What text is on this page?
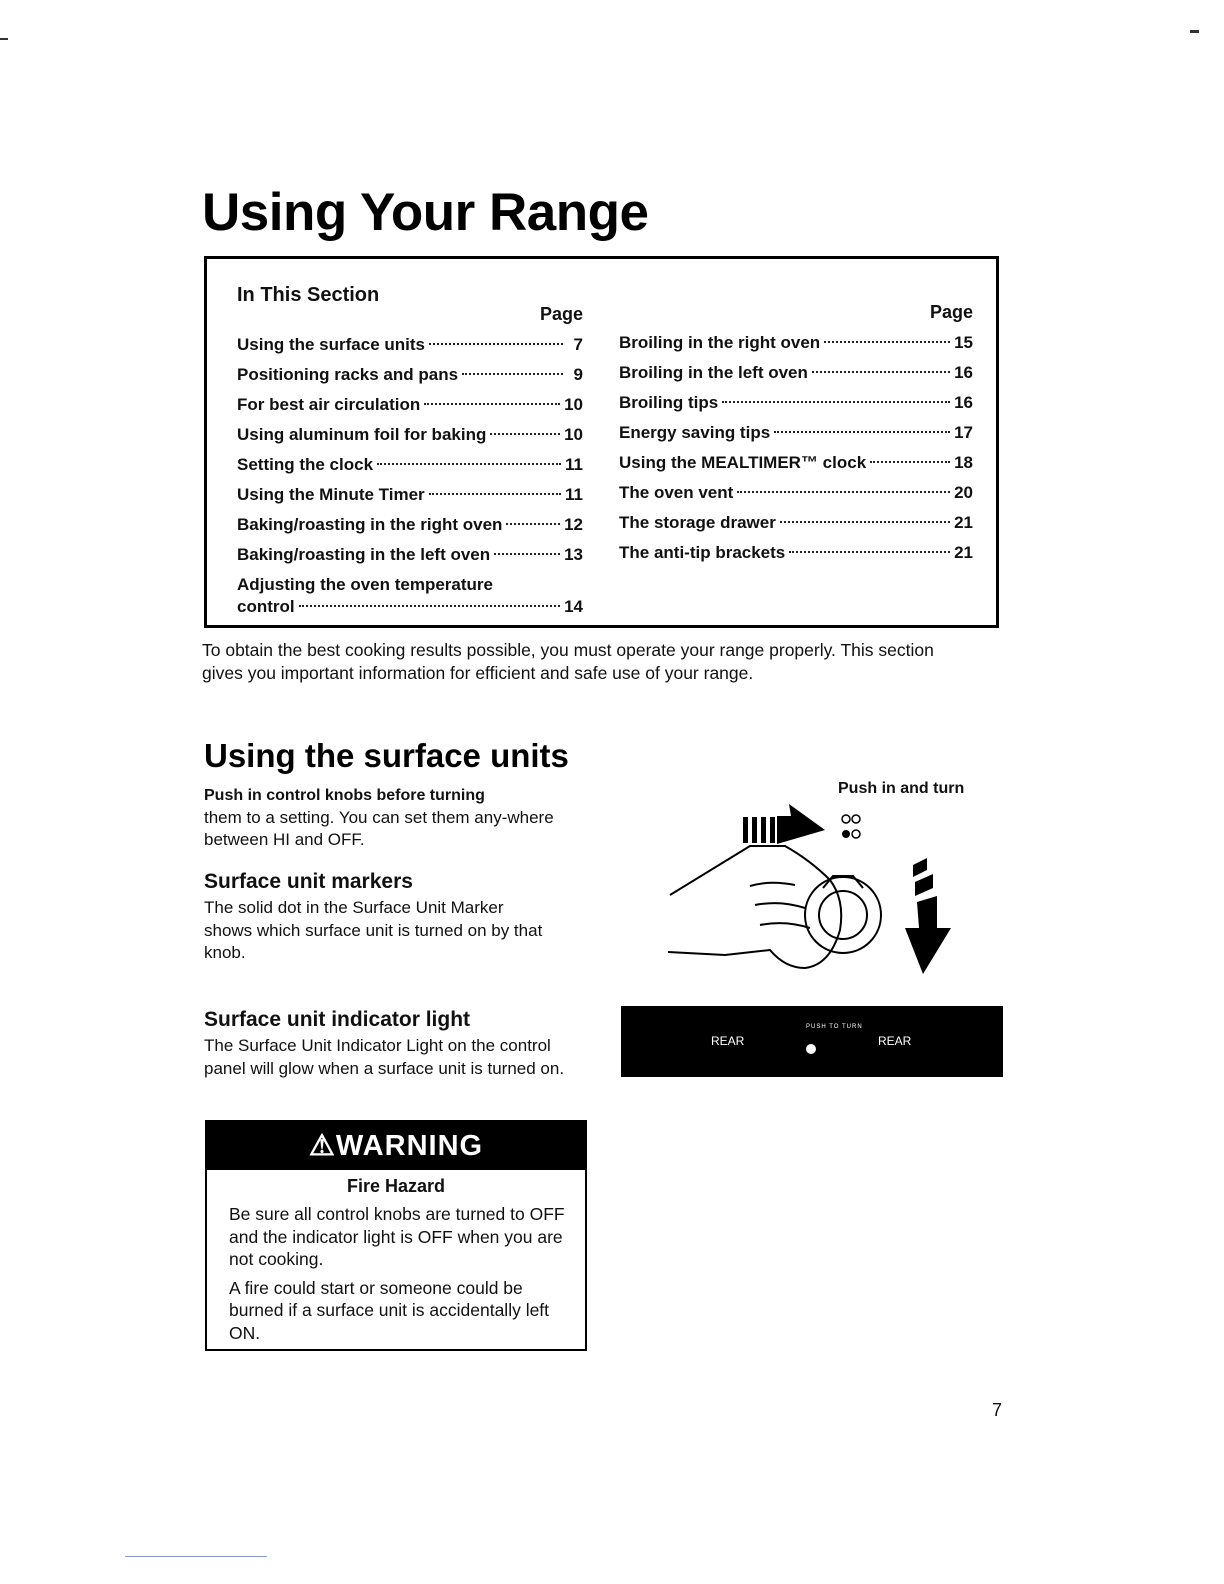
Using Your Range
In This Section
Page
Using the surface units	7
Positioning racks and pans	9
For best air circulation	10
Using aluminum foil for baking	10
Setting the clock	11
Using the Minute Timer	11
Baking/roasting in the right oven	12
Baking/roasting in the left oven	13
Adjusting the oven temperature
control	14
Page
Broiling in the right oven	15
Broiling in the left oven	16
Broiling tips	16
Energy saving tips	17
Using the MEALTIMER™ clock	18
The oven vent	20
The storage drawer	21
The anti-tip brackets	21

To obtain the best cooking results possible, you must operate your range properly. This section gives you important information for efficient and safe use of your range.

Using the surface units

Push in control knobs before turning
them to a setting. You can set them any-where between HI and OFF.

Surface unit markers

The solid dot in the Surface Unit Marker shows which surface unit is turned on by that knob.

Surface unit indicator light

The Surface Unit Indicator Light on the control panel will glow when a surface unit is turned on.

Push in and turn
REAR
PUSH TO TURN
REAR
⚠WARNING
Fire Hazard

Be sure all control knobs are turned to OFF and the indicator light is OFF when you are not cooking.

A fire could start or someone could be burned if a surface unit is accidentally left ON.

7
